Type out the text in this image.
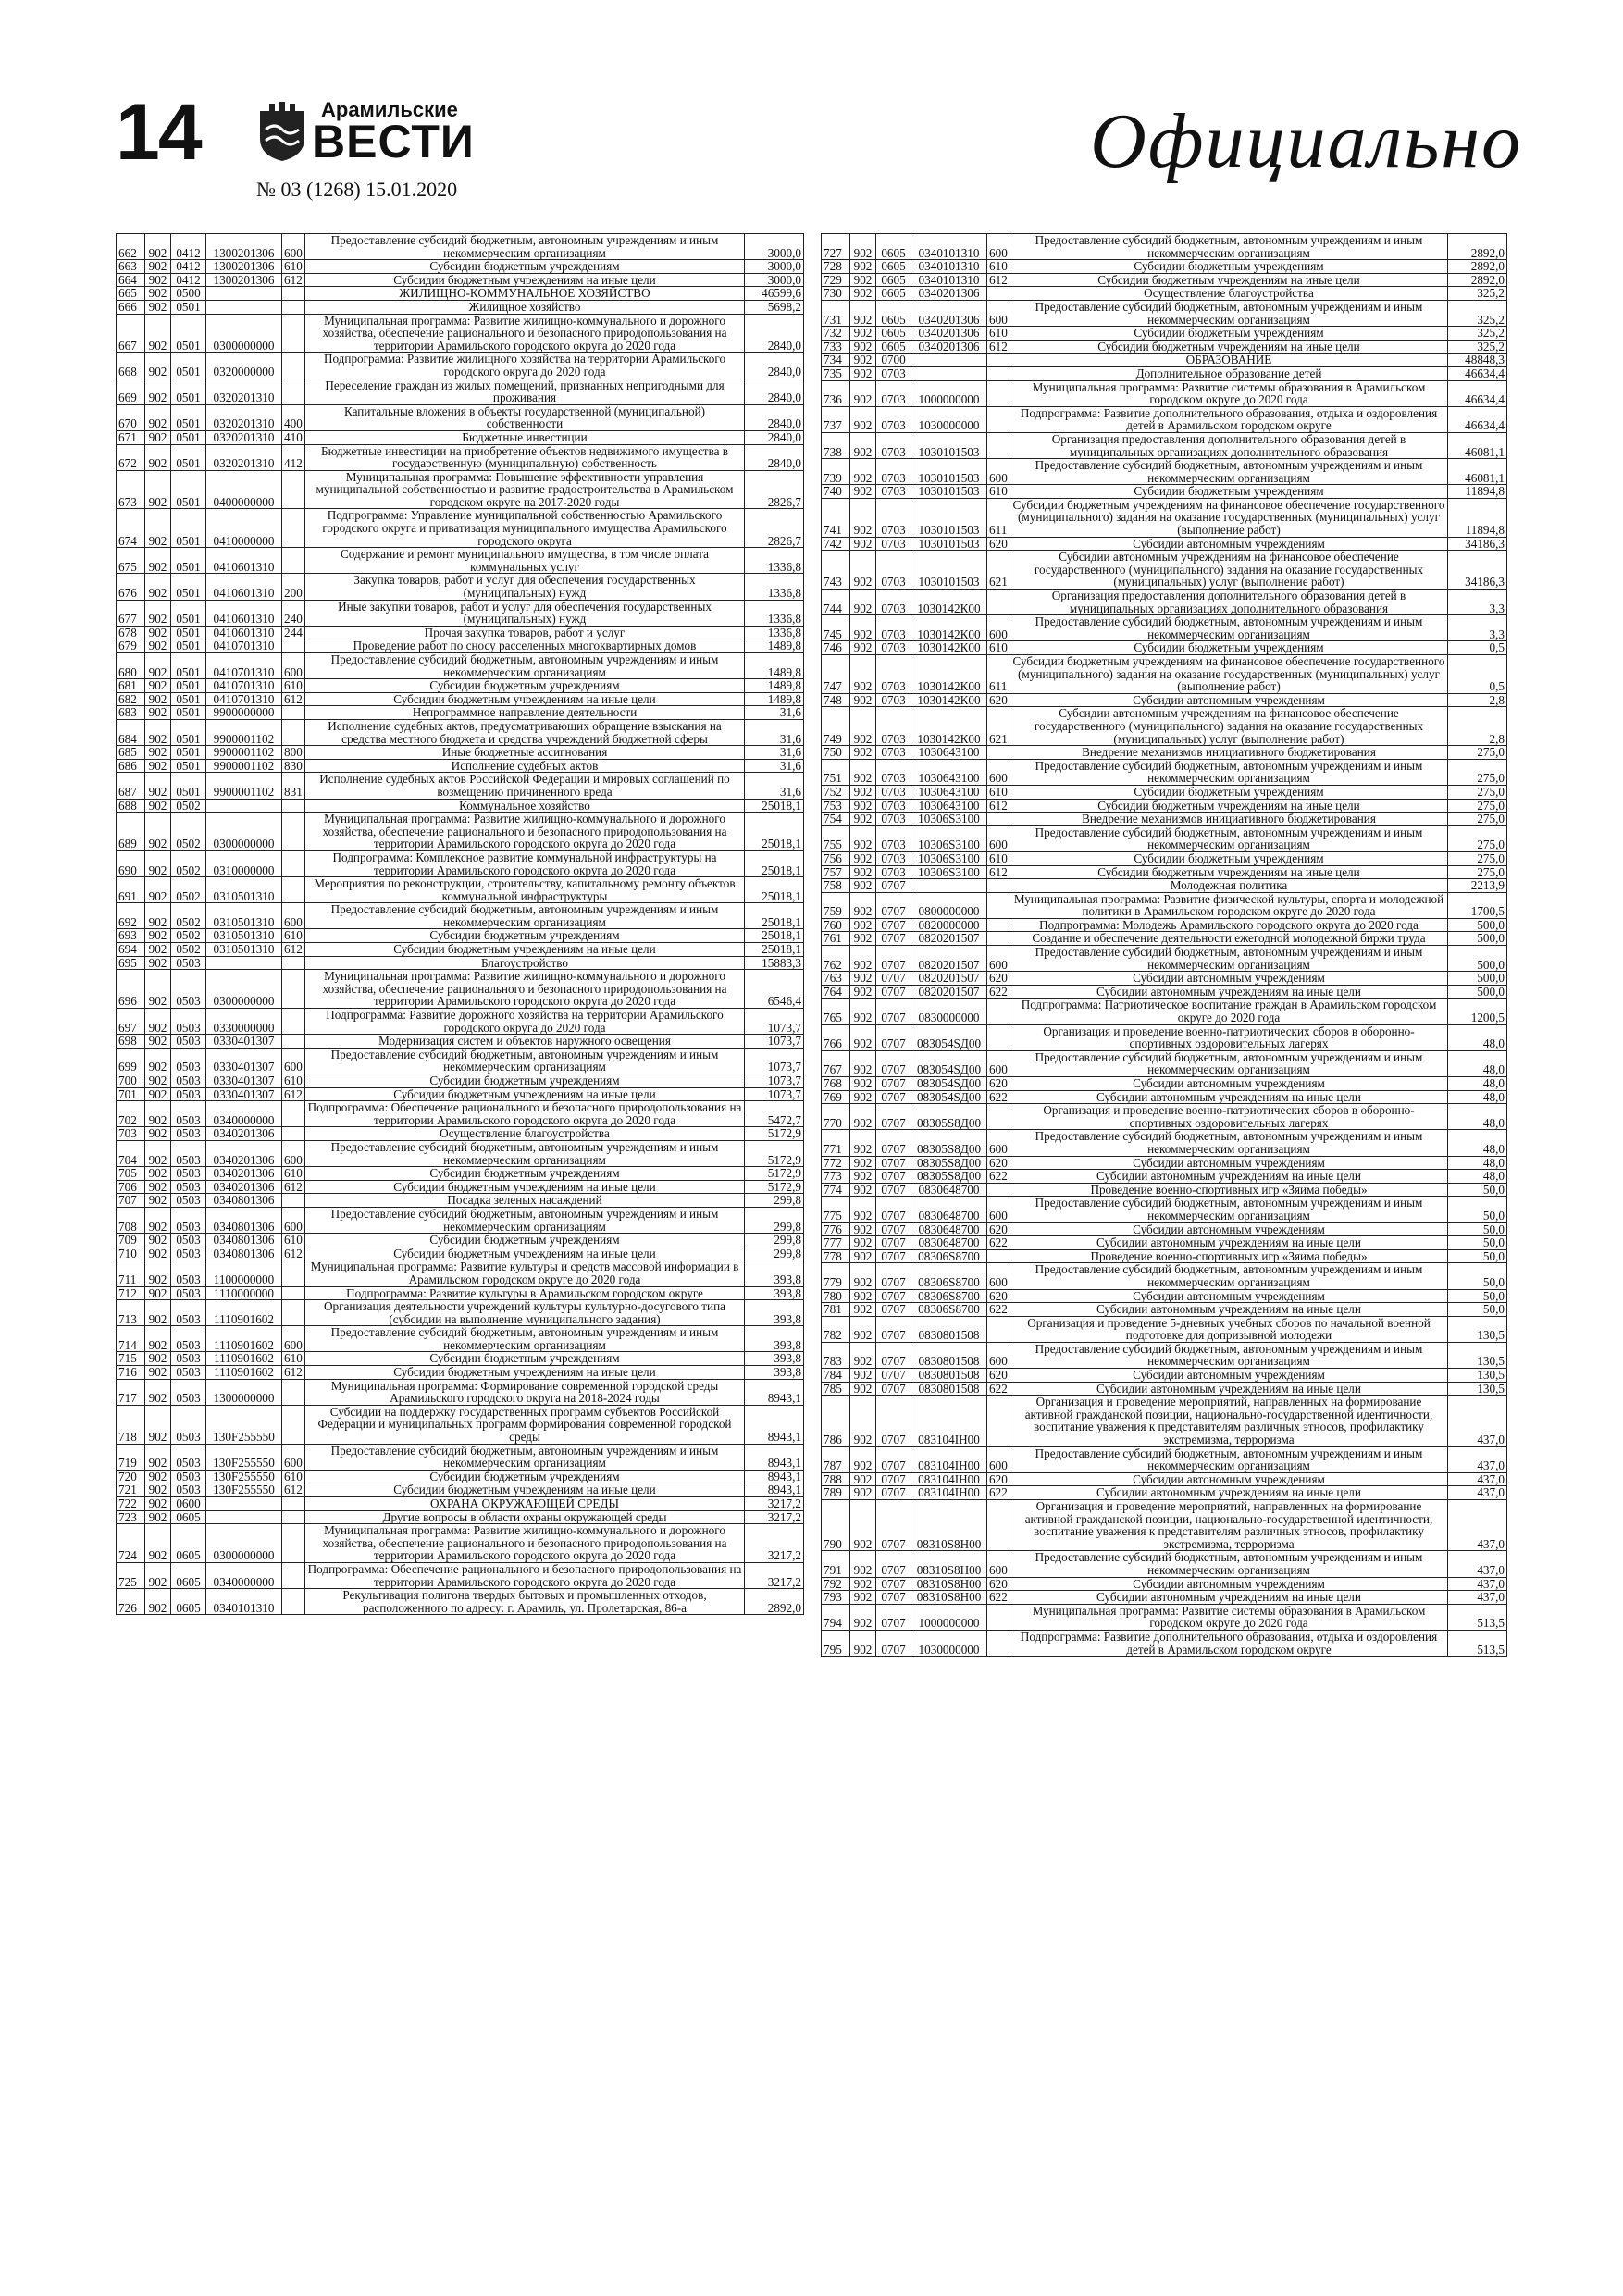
14	Арамильские
ВЕСТИ
№ 03 (1268) 15.01.2020
Официально
662	902	0412	1300201306	600	Предоставление субсидий бюджетным, автономным учреждениям и иным некоммерческим организациям	3000,0
663	902	0412	1300201306	610	Субсидии бюджетным учреждениям	3000,0
664	902	0412	1300201306	612	Субсидии бюджетным учреждениям на иные цели	3000,0
665	902	0500			ЖИЛИЩНО-КОММУНАЛЬНОЕ ХОЗЯЙСТВО	46599,6
666	902	0501			Жилищное хозяйство	5698,2
667	902	0501	0300000000		Муниципальная программа: Развитие жилищно-коммунального и дорожного хозяйства, обеспечение рационального и безопасного природопользования на территории Арамильского городского округа до 2020 года	2840,0
668	902	0501	0320000000		Подпрограмма: Развитие жилищного хозяйства на территории Арамильского городского округа до 2020 года	2840,0
669	902	0501	0320201310		Переселение граждан из жилых помещений, признанных непригодными для проживания	2840,0
670	902	0501	0320201310	400	Капитальные вложения в объекты государственной (муниципальной) собственности	2840,0
671	902	0501	0320201310	410	Бюджетные инвестиции	2840,0
672	902	0501	0320201310	412	Бюджетные инвестиции на приобретение объектов недвижимого имущества в государственную (муниципальную) собственность	2840,0
673	902	0501	0400000000		Муниципальная программа: Повышение эффективности управления муниципальной собственностью и развитие градостроительства в Арамильском городском округе на 2017-2020 годы	2826,7
674	902	0501	0410000000		Подпрограмма: Управление муниципальной собственностью Арамильского городского округа и приватизация муниципального имущества Арамильского городского округа	2826,7
675	902	0501	0410601310		Содержание и ремонт муниципального имущества, в том числе оплата коммунальных услуг	1336,8
676	902	0501	0410601310	200	Закупка товаров, работ и услуг для обеспечения государственных (муниципальных) нужд	1336,8
677	902	0501	0410601310	240	Иные закупки товаров, работ и услуг для обеспечения государственных (муниципальных) нужд	1336,8
678	902	0501	0410601310	244	Прочая закупка товаров, работ и услуг	1336,8
679	902	0501	0410701310		Проведение работ по сносу расселенных многоквартирных домов	1489,8
680	902	0501	0410701310	600	Предоставление субсидий бюджетным, автономным учреждениям и иным некоммерческим организациям	1489,8
681	902	0501	0410701310	610	Субсидии бюджетным учреждениям	1489,8
682	902	0501	0410701310	612	Субсидии бюджетным учреждениям на иные цели	1489,8
683	902	0501	9900000000		Непрограммное направление деятельности	31,6
684	902	0501	9900001102		Исполнение судебных актов, предусматривающих обращение взыскания на средства местного бюджета и средства учреждений бюджетной сферы	31,6
685	902	0501	9900001102	800	Иные бюджетные ассигнования	31,6
686	902	0501	9900001102	830	Исполнение судебных актов	31,6
687	902	0501	9900001102	831	Исполнение судебных актов Российской Федерации и мировых соглашений по возмещению причиненного вреда	31,6
688	902	0502			Коммунальное хозяйство	25018,1
689	902	0502	0300000000		Муниципальная программа: Развитие жилищно-коммунального и дорожного хозяйства, обеспечение рационального и безопасного природопользования на территории Арамильского городского округа до 2020 года	25018,1
690	902	0502	0310000000		Подпрограмма: Комплексное развитие коммунальной инфраструктуры на территории Арамильского городского округа до 2020 года	25018,1
691	902	0502	0310501310		Мероприятия по реконструкции, строительству, капитальному ремонту объектов коммунальной инфраструктуры	25018,1
692	902	0502	0310501310	600	Предоставление субсидий бюджетным, автономным учреждениям и иным некоммерческим организациям	25018,1
693	902	0502	0310501310	610	Субсидии бюджетным учреждениям	25018,1
694	902	0502	0310501310	612	Субсидии бюджетным учреждениям на иные цели	25018,1
695	902	0503			Благоустройство	15883,3
696	902	0503	0300000000		Муниципальная программа: Развитие жилищно-коммунального и дорожного хозяйства, обеспечение рационального и безопасного природопользования на территории Арамильского городского округа до 2020 года	6546,4
697	902	0503	0330000000		Подпрограмма: Развитие дорожного хозяйства на территории Арамильского городского округа до 2020 года	1073,7
698	902	0503	0330401307		Модернизация систем и объектов наружного освещения	1073,7
699	902	0503	0330401307	600	Предоставление субсидий бюджетным, автономным учреждениям и иным некоммерческим организациям	1073,7
700	902	0503	0330401307	610	Субсидии бюджетным учреждениям	1073,7
701	902	0503	0330401307	612	Субсидии бюджетным учреждениям на иные цели	1073,7
702	902	0503	0340000000		Подпрограмма: Обеспечение рационального и безопасного природопользования на территории Арамильского городского округа до 2020 года	5472,7
703	902	0503	0340201306		Осуществление благоустройства	5172,9
704	902	0503	0340201306	600	Предоставление субсидий бюджетным, автономным учреждениям и иным некоммерческим организациям	5172,9
705	902	0503	0340201306	610	Субсидии бюджетным учреждениям	5172,9
706	902	0503	0340201306	612	Субсидии бюджетным учреждениям на иные цели	5172,9
707	902	0503	0340801306		Посадка зеленых насаждений	299,8
708	902	0503	0340801306	600	Предоставление субсидий бюджетным, автономным учреждениям и иным некоммерческим организациям	299,8
709	902	0503	0340801306	610	Субсидии бюджетным учреждениям	299,8
710	902	0503	0340801306	612	Субсидии бюджетным учреждениям на иные цели	299,8
711	902	0503	1100000000		Муниципальная программа: Развитие культуры и средств массовой информации в Арамильском городском округе до 2020 года	393,8
712	902	0503	1110000000		Подпрограмма: Развитие культуры в Арамильском городском округе	393,8
713	902	0503	1110901602		Организация деятельности учреждений культуры культурно-досугового типа (субсидии на выполнение муниципального задания)	393,8
714	902	0503	1110901602	600	Предоставление субсидий бюджетным, автономным учреждениям и иным некоммерческим организациям	393,8
715	902	0503	1110901602	610	Субсидии бюджетным учреждениям	393,8
716	902	0503	1110901602	612	Субсидии бюджетным учреждениям на иные цели	393,8
717	902	0503	1300000000		Муниципальная программа: Формирование современной городской среды Арамильского городского округа на 2018-2024 годы	8943,1
718	902	0503	130F255550		Субсидии на поддержку государственных программ субъектов Российской Федерации и муниципальных программ формирования современной городской среды	8943,1
719	902	0503	130F255550	600	Предоставление субсидий бюджетным, автономным учреждениям и иным некоммерческим организациям	8943,1
720	902	0503	130F255550	610	Субсидии бюджетным учреждениям	8943,1
721	902	0503	130F255550	612	Субсидии бюджетным учреждениям на иные цели	8943,1
722	902	0600			ОХРАНА ОКРУЖАЮЩЕЙ СРЕДЫ	3217,2
723	902	0605			Другие вопросы в области охраны окружающей среды	3217,2
724	902	0605	0300000000		Муниципальная программа: Развитие жилищно-коммунального и дорожного хозяйства, обеспечение рационального и безопасного природопользования на территории Арамильского городского округа до 2020 года	3217,2
725	902	0605	0340000000		Подпрограмма: Обеспечение рационального и безопасного природопользования на территории Арамильского городского округа до 2020 года	3217,2
726	902	0605	0340101310		Рекультивация полигона твердых бытовых и промышленных отходов, расположенного по адресу: г. Арамиль, ул. Пролетарская, 86-а	2892,0
727	902	0605	0340101310	600	Предоставление субсидий бюджетным, автономным учреждениям и иным некоммерческим организациям	2892,0
728	902	0605	0340101310	610	Субсидии бюджетным учреждениям	2892,0
729	902	0605	0340101310	612	Субсидии бюджетным учреждениям на иные цели	2892,0
730	902	0605	0340201306		Осуществление благоустройства	325,2
731	902	0605	0340201306	600	Предоставление субсидий бюджетным, автономным учреждениям и иным некоммерческим организациям	325,2
732	902	0605	0340201306	610	Субсидии бюджетным учреждениям	325,2
733	902	0605	0340201306	612	Субсидии бюджетным учреждениям на иные цели	325,2
734	902	0700			ОБРАЗОВАНИЕ	48848,3
735	902	0703			Дополнительное образование детей	46634,4
736	902	0703	1000000000		Муниципальная программа: Развитие системы образования в Арамильском городском округе до 2020 года	46634,4
737	902	0703	1030000000		Подпрограмма: Развитие дополнительного образования, отдыха и оздоровления детей в Арамильском городском округе	46634,4
738	902	0703	1030101503		Организация предоставления дополнительного образования детей в муниципальных организациях дополнительного образования	46081,1
739	902	0703	1030101503	600	Предоставление субсидий бюджетным, автономным учреждениям и иным некоммерческим организациям	46081,1
740	902	0703	1030101503	610	Субсидии бюджетным учреждениям	11894,8
741	902	0703	1030101503	611	Субсидии бюджетным учреждениям на финансовое обеспечение государственного (муниципального) задания на оказание государственных (муниципальных) услуг (выполнение работ)	11894,8
742	902	0703	1030101503	620	Субсидии автономным учреждениям	34186,3
743	902	0703	1030101503	621	Субсидии автономным учреждениям на финансовое обеспечение государственного (муниципального) задания на оказание государственных (муниципальных) услуг (выполнение работ)	34186,3
744	902	0703	1030142К00		Организация предоставления дополнительного образования детей в муниципальных организациях дополнительного образования	3,3
745	902	0703	1030142К00	600	Предоставление субсидий бюджетным, автономным учреждениям и иным некоммерческим организациям	3,3
746	902	0703	1030142К00	610	Субсидии бюджетным учреждениям	0,5
747	902	0703	1030142К00	611	Субсидии бюджетным учреждениям на финансовое обеспечение государственного (муниципального) задания на оказание государственных (муниципальных) услуг (выполнение работ)	0,5
748	902	0703	1030142К00	620	Субсидии автономным учреждениям	2,8
749	902	0703	1030142К00	621	Субсидии автономным учреждениям на финансовое обеспечение государственного (муниципального) задания на оказание государственных (муниципальных) услуг (выполнение работ)	2,8
750	902	0703	1030643100		Внедрение механизмов инициативного бюджетирования	275,0
751	902	0703	1030643100	600	Предоставление субсидий бюджетным, автономным учреждениям и иным некоммерческим организациям	275,0
752	902	0703	1030643100	610	Субсидии бюджетным учреждениям	275,0
753	902	0703	1030643100	612	Субсидии бюджетным учреждениям на иные цели	275,0
754	902	0703	10306S3100		Внедрение механизмов инициативного бюджетирования	275,0
755	902	0703	10306S3100	600	Предоставление субсидий бюджетным, автономным учреждениям и иным некоммерческим организациям	275,0
756	902	0703	10306S3100	610	Субсидии бюджетным учреждениям	275,0
757	902	0703	10306S3100	612	Субсидии бюджетным учреждениям на иные цели	275,0
758	902	0707			Молодежная политика	2213,9
759	902	0707	0800000000		Муниципальная программа: Развитие физической культуры, спорта и молодежной политики в Арамильском городском округе до 2020 года	1700,5
760	902	0707	0820000000		Подпрограмма: Молодежь Арамильского городского округа до 2020 года	500,0
761	902	0707	0820201507		Создание и обеспечение деятельности ежегодной молодежной биржи труда	500,0
762	902	0707	0820201507	600	Предоставление субсидий бюджетным, автономным учреждениям и иным некоммерческим организациям	500,0
763	902	0707	0820201507	620	Субсидии автономным учреждениям	500,0
764	902	0707	0820201507	622	Субсидии автономным учреждениям на иные цели	500,0
765	902	0707	0830000000		Подпрограмма: Патриотическое воспитание граждан в Арамильском городском округе до 2020 года	1200,5
766	902	0707	083054ЅД00		Организация и проведение военно-патриотических сборов в оборонно-спортивных оздоровительных лагерях	48,0
767	902	0707	083054ЅД00	600	Предоставление субсидий бюджетным, автономным учреждениям и иным некоммерческим организациям	48,0
768	902	0707	083054ЅД00	620	Субсидии автономным учреждениям	48,0
769	902	0707	083054ЅД00	622	Субсидии автономным учреждениям на иные цели	48,0
770	902	0707	08305S8Д00		Организация и проведение военно-патриотических сборов в оборонно-спортивных оздоровительных лагерях	48,0
771	902	0707	08305S8Д00	600	Предоставление субсидий бюджетным, автономным учреждениям и иным некоммерческим организациям	48,0
772	902	0707	08305S8Д00	620	Субсидии автономным учреждениям	48,0
773	902	0707	08305S8Д00	622	Субсидии автономным учреждениям на иные цели	48,0
774	902	0707	0830648700		Проведение военно-спортивных игр «Зяима победы»	50,0
775	902	0707	0830648700	600	Предоставление субсидий бюджетным, автономным учреждениям и иным некоммерческим организациям	50,0
776	902	0707	0830648700	620	Субсидии автономным учреждениям	50,0
777	902	0707	0830648700	622	Субсидии автономным учреждениям на иные цели	50,0
778	902	0707	08306S8700		Проведение военно-спортивных игр «Зяима победы»	50,0
779	902	0707	08306S8700	600	Предоставление субсидий бюджетным, автономным учреждениям и иным некоммерческим организациям	50,0
780	902	0707	08306S8700	620	Субсидии автономным учреждениям	50,0
781	902	0707	08306S8700	622	Субсидии автономным учреждениям на иные цели	50,0
782	902	0707	0830801508		Организация и проведение 5-дневных учебных сборов по начальной военной подготовке для допризывной молодежи	130,5
783	902	0707	0830801508	600	Предоставление субсидий бюджетным, автономным учреждениям и иным некоммерческим организациям	130,5
784	902	0707	0830801508	620	Субсидии автономным учреждениям	130,5
785	902	0707	0830801508	622	Субсидии автономным учреждениям на иные цели	130,5
786	902	0707	083104ІН00		Организация и проведение мероприятий, направленных на формирование активной гражданской позиции, национально-государственной идентичности, воспитание уважения к представителям различных этносов, профилактику экстремизма, терроризма	437,0
787	902	0707	083104ІН00	600	Предоставление субсидий бюджетным, автономным учреждениям и иным некоммерческим организациям	437,0
788	902	0707	083104ІН00	620	Субсидии автономным учреждениям	437,0
789	902	0707	083104ІН00	622	Субсидии автономным учреждениям на иные цели	437,0
790	902	0707	08310S8Н00		Организация и проведение мероприятий, направленных на формирование активной гражданской позиции, национально-государственной идентичности, воспитание уважения к представителям различных этносов, профилактику экстремизма, терроризма	437,0
791	902	0707	08310S8Н00	600	Предоставление субсидий бюджетным, автономным учреждениям и иным некоммерческим организациям	437,0
792	902	0707	08310S8Н00	620	Субсидии автономным учреждениям	437,0
793	902	0707	08310S8Н00	622	Субсидии автономным учреждениям на иные цели	437,0
794	902	0707	1000000000		Муниципальная программа: Развитие системы образования в Арамильском городском округе до 2020 года	513,5
795	902	0707	1030000000		Подпрограмма: Развитие дополнительного образования, отдыха и оздоровления детей в Арамильском городском округе	513,5
